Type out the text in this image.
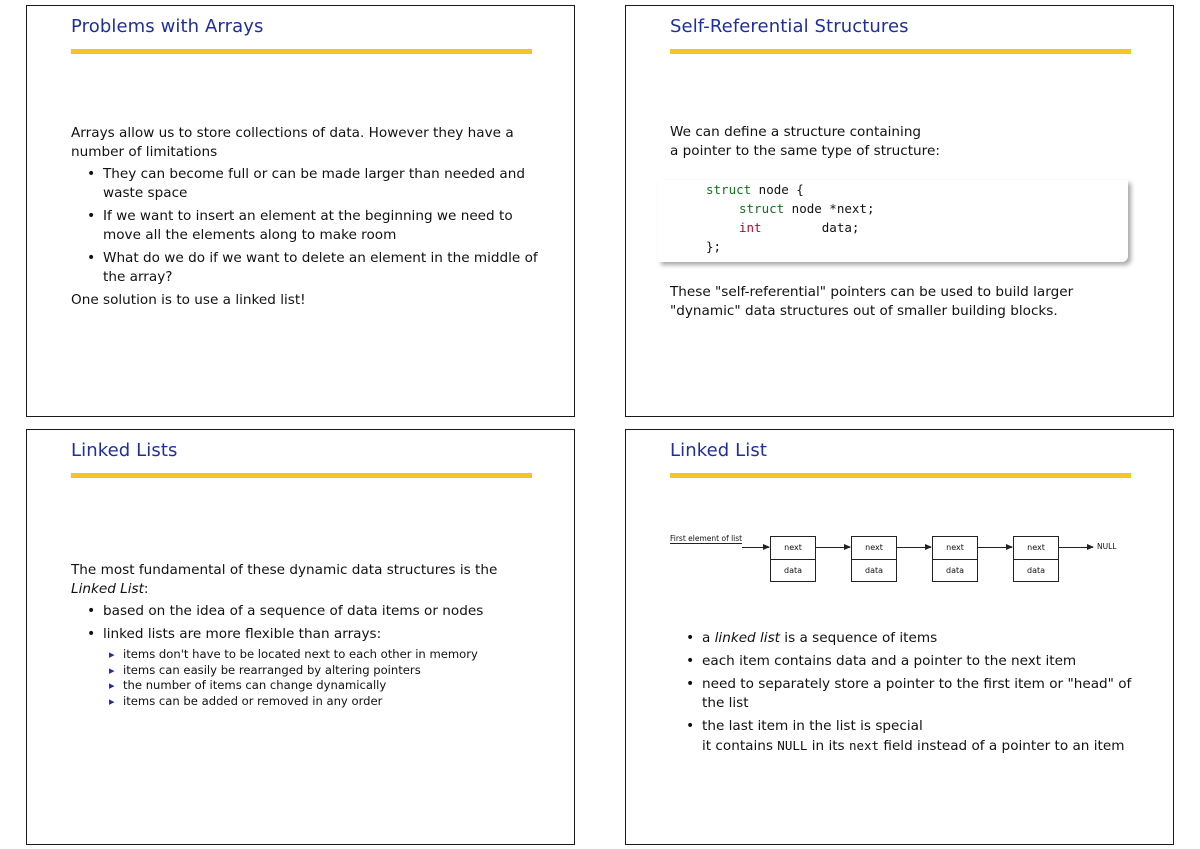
Problems with Arrays

Arrays allow us to store collections of data. However they have a number of limitations

• They can become full or can be made larger than needed and waste space
• If we want to insert an element at the beginning we need to move all the elements along to make room
• What do we do if we want to delete an element in the middle of the array?

One solution is to use a linked list!

Self-Referential Structures

We can define a structure containing

a pointer to the same type of structure:

struct node {
struct node *next;
int        data;
};
These "self-referential" pointers can be used to build larger "dynamic" data structures out of smaller building blocks.
Linked Lists

The most fundamental of these dynamic data structures is the Linked List:

• based on the idea of a sequence of data items or nodes
• linked lists are more flexible than arrays:
▸ items don't have to be located next to each other in memory
▸ items can easily be rearranged by altering pointers
▸ the number of items can change dynamically
▸ items can be added or removed in any order
Linked List
First element of list
next
data
next
data
next
data
next
data
NULL
• a linked list is a sequence of items
• each item contains data and a pointer to the next item
• need to separately store a pointer to the first item or "head" of the list
• the last item in the list is special
it contains NULL in its next field instead of a pointer to an item
